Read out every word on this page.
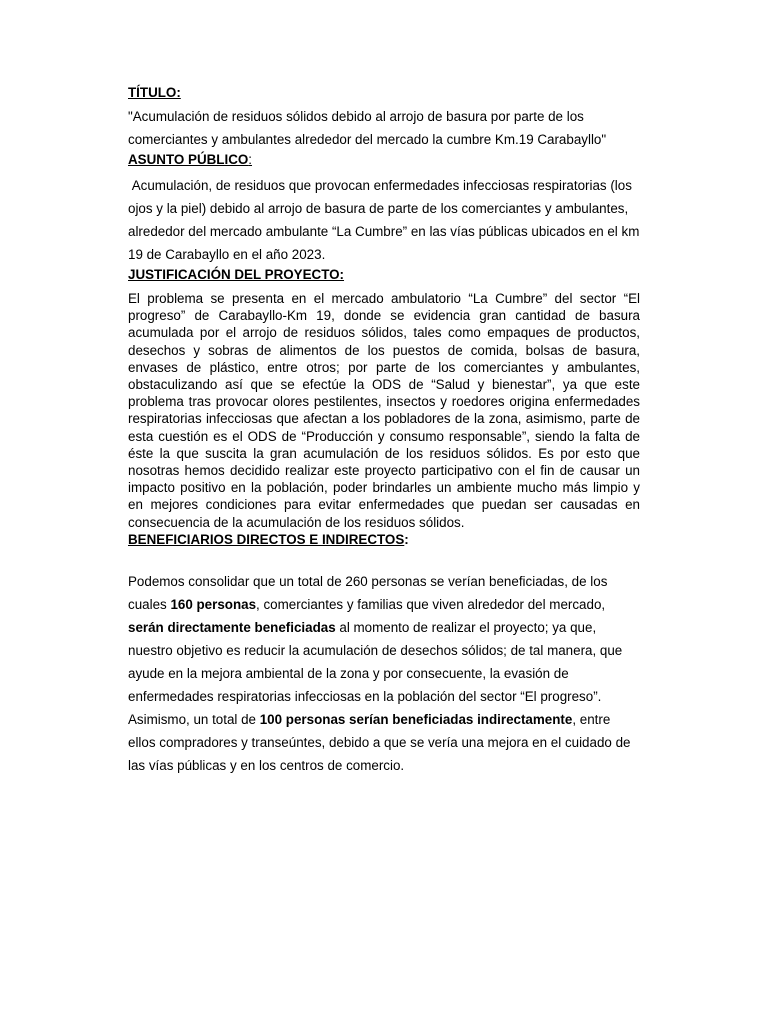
TÍTULO:

"Acumulación de residuos sólidos debido al arrojo de basura por parte de los comerciantes y ambulantes alrededor del mercado la cumbre Km.19 Carabayllo"

ASUNTO PÚBLICO:

Acumulación, de residuos que provocan enfermedades infecciosas respiratorias (los ojos y la piel) debido al arrojo de basura de parte de los comerciantes y ambulantes, alrededor del mercado ambulante “La Cumbre” en las vías públicas ubicados en el km 19 de Carabayllo en el año 2023.

JUSTIFICACIÓN DEL PROYECTO:

El problema se presenta en el mercado ambulatorio “La Cumbre” del sector “El progreso” de Carabayllo-Km 19, donde se evidencia gran cantidad de basura acumulada por el arrojo de residuos sólidos, tales como empaques de productos, desechos y sobras de alimentos de los puestos de comida, bolsas de basura, envases de plástico, entre otros; por parte de los comerciantes y ambulantes, obstaculizando así que se efectúe la ODS de “Salud y bienestar”, ya que este problema tras provocar olores pestilentes, insectos y roedores origina enfermedades respiratorias infecciosas que afectan a los pobladores de la zona, asimismo, parte de esta cuestión es el ODS de “Producción y consumo responsable”, siendo la falta de éste la que suscita la gran acumulación de los residuos sólidos. Es por esto que nosotras hemos decidido realizar este proyecto participativo con el fin de causar un impacto positivo en la población, poder brindarles un ambiente mucho más limpio y en mejores condiciones para evitar enfermedades que puedan ser causadas en consecuencia de la acumulación de los residuos sólidos.

BENEFICIARIOS DIRECTOS E INDIRECTOS:

Podemos consolidar que un total de 260 personas se verían beneficiadas, de los cuales 160 personas, comerciantes y familias que viven alrededor del mercado, serán directamente beneficiadas al momento de realizar el proyecto; ya que, nuestro objetivo es reducir la acumulación de desechos sólidos; de tal manera, que ayude en la mejora ambiental de la zona y por consecuente, la evasión de enfermedades respiratorias infecciosas en la población del sector “El progreso”. Asimismo, un total de 100 personas serían beneficiadas indirectamente, entre ellos compradores y transeúntes, debido a que se vería una mejora en el cuidado de las vías públicas y en los centros de comercio.
